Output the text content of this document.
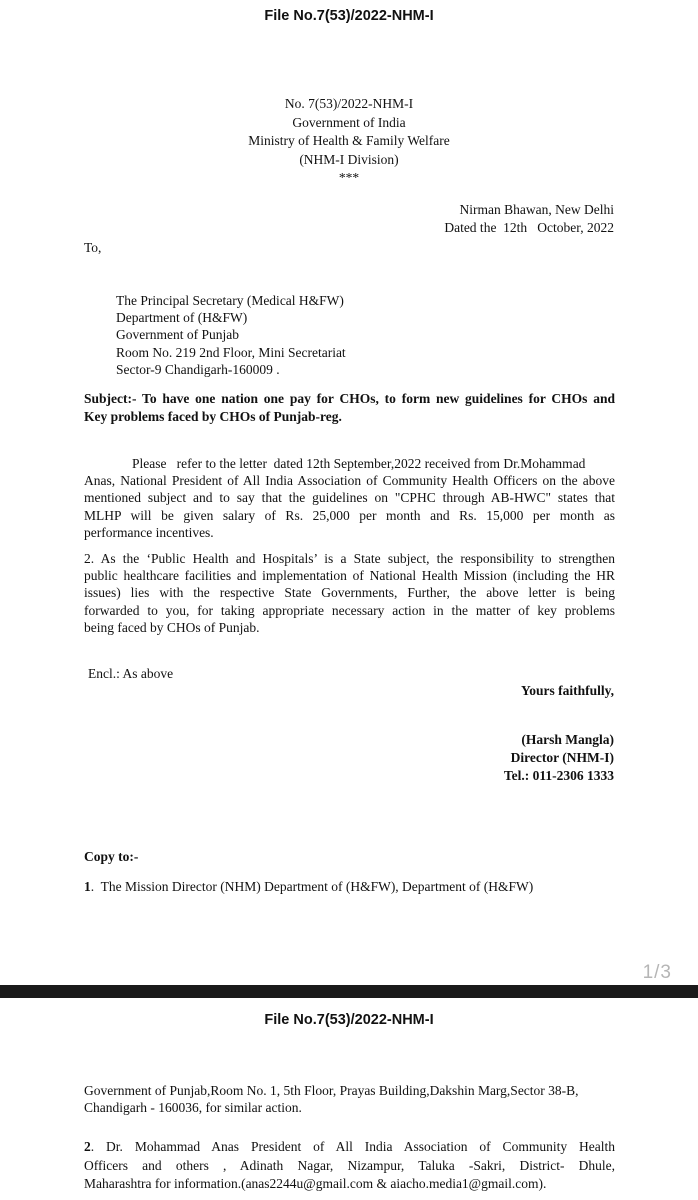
File No.7(53)/2022-NHM-I
No. 7(53)/2022-NHM-I
Government of India
Ministry of Health & Family Welfare
(NHM-I Division)
***
Nirman Bhawan, New Delhi
Dated the  12th   October, 2022
To,
The Principal Secretary (Medical H&FW)
Department of (H&FW)
Government of Punjab
Room No. 219 2nd Floor, Mini Secretariat
Sector-9 Chandigarh-160009 .
Subject:- To have one nation one pay for CHOs, to form new guidelines for CHOs and
Key problems faced by CHOs of Punjab-reg.
Please   refer to the letter  dated 12th September,2022 received from Dr.Mohammad
Anas, National President of All India Association of Community Health Officers on the above
mentioned subject and to say that the guidelines on "CPHC through AB-HWC" states that
MLHP will be given salary of Rs. 25,000 per month and Rs. 15,000 per month as
performance incentives.
2. As the ‘Public Health and Hospitals’ is a State subject, the responsibility to strengthen
public healthcare facilities and implementation of National Health Mission (including the HR
issues) lies with the respective State Governments, Further, the above letter is being
forwarded to you, for taking appropriate necessary action in the matter of key problems
being faced by CHOs of Punjab.
Encl.: As above
Yours faithfully,
(Harsh Mangla)
Director (NHM-I)
Tel.: 011-2306 1333
Copy to:-
1.  The Mission Director (NHM) Department of (H&FW), Department of (H&FW)
1/3
File No.7(53)/2022-NHM-I
Government of Punjab,Room No. 1, 5th Floor, Prayas Building,Dakshin Marg,Sector 38-B,
Chandigarh - 160036, for similar action.
2. Dr. Mohammad Anas President of All India Association of Community Health
Officers and others , Adinath Nagar, Nizampur, Taluka -Sakri, District- Dhule,
Maharashtra for information.(anas2244u@gmail.com & aiacho.media1@gmail.com).
